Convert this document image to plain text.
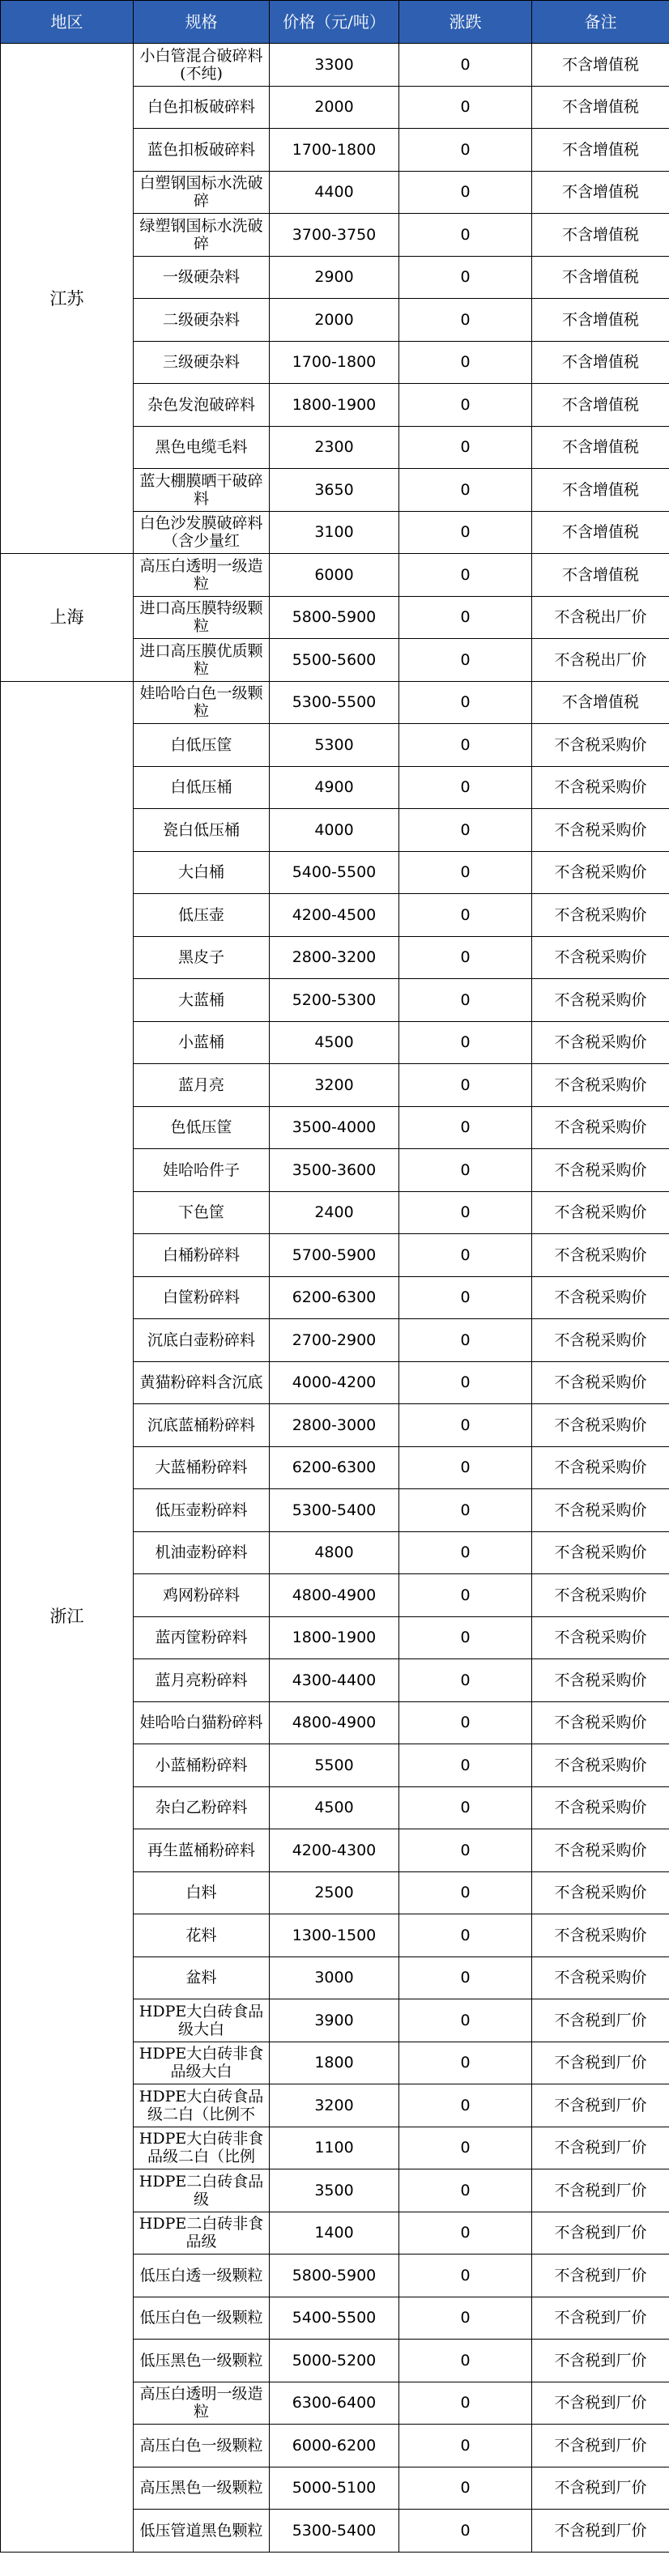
地区	规格	价格（元/吨）	涨跌	备注
江苏	小白管混合破碎料(不纯)	3300	0	不含增值税
	白色扣板破碎料	2000	0	不含增值税
	蓝色扣板破碎料	1700-1800	0	不含增值税
	白塑钢国标水洗破碎	4400	0	不含增值税
	绿塑钢国标水洗破碎	3700-3750	0	不含增值税
	一级硬杂料	2900	0	不含增值税
	二级硬杂料	2000	0	不含增值税
	三级硬杂料	1700-1800	0	不含增值税
	杂色发泡破碎料	1800-1900	0	不含增值税
	黑色电缆毛料	2300	0	不含增值税
	蓝大棚膜晒干破碎料	3650	0	不含增值税
	白色沙发膜破碎料（含少量红	3100	0	不含增值税
上海	高压白透明一级造粒	6000	0	不含增值税
	进口高压膜特级颗粒	5800-5900	0	不含税出厂价
	进口高压膜优质颗粒	5500-5600	0	不含税出厂价
浙江	娃哈哈白色一级颗粒	5300-5500	0	不含增值税
	白低压筐	5300	0	不含税采购价
	白低压桶	4900	0	不含税采购价
	瓷白低压桶	4000	0	不含税采购价
	大白桶	5400-5500	0	不含税采购价
	低压壶	4200-4500	0	不含税采购价
	黑皮子	2800-3200	0	不含税采购价
	大蓝桶	5200-5300	0	不含税采购价
	小蓝桶	4500	0	不含税采购价
	蓝月亮	3200	0	不含税采购价
	色低压筐	3500-4000	0	不含税采购价
	娃哈哈件子	3500-3600	0	不含税采购价
	下色筐	2400	0	不含税采购价
	白桶粉碎料	5700-5900	0	不含税采购价
	白筐粉碎料	6200-6300	0	不含税采购价
	沉底白壶粉碎料	2700-2900	0	不含税采购价
	黄猫粉碎料含沉底	4000-4200	0	不含税采购价
	沉底蓝桶粉碎料	2800-3000	0	不含税采购价
	大蓝桶粉碎料	6200-6300	0	不含税采购价
	低压壶粉碎料	5300-5400	0	不含税采购价
	机油壶粉碎料	4800	0	不含税采购价
	鸡网粉碎料	4800-4900	0	不含税采购价
	蓝丙筐粉碎料	1800-1900	0	不含税采购价
	蓝月亮粉碎料	4300-4400	0	不含税采购价
	娃哈哈白猫粉碎料	4800-4900	0	不含税采购价
	小蓝桶粉碎料	5500	0	不含税采购价
	杂白乙粉碎料	4500	0	不含税采购价
	再生蓝桶粉碎料	4200-4300	0	不含税采购价
	白料	2500	0	不含税采购价
	花料	1300-1500	0	不含税采购价
	盆料	3000	0	不含税采购价
	HDPE大白砖食品级大白	3900	0	不含税到厂价
	HDPE大白砖非食品级大白	1800	0	不含税到厂价
	HDPE大白砖食品级二白（比例不	3200	0	不含税到厂价
	HDPE大白砖非食品级二白（比例	1100	0	不含税到厂价
	HDPE二白砖食品级	3500	0	不含税到厂价
	HDPE二白砖非食品级	1400	0	不含税到厂价
	低压白透一级颗粒	5800-5900	0	不含税到厂价
	低压白色一级颗粒	5400-5500	0	不含税到厂价
	低压黑色一级颗粒	5000-5200	0	不含税到厂价
	高压白透明一级造粒	6300-6400	0	不含税到厂价
	高压白色一级颗粒	6000-6200	0	不含税到厂价
	高压黑色一级颗粒	5000-5100	0	不含税到厂价
	低压管道黑色颗粒	5300-5400	0	不含税到厂价
